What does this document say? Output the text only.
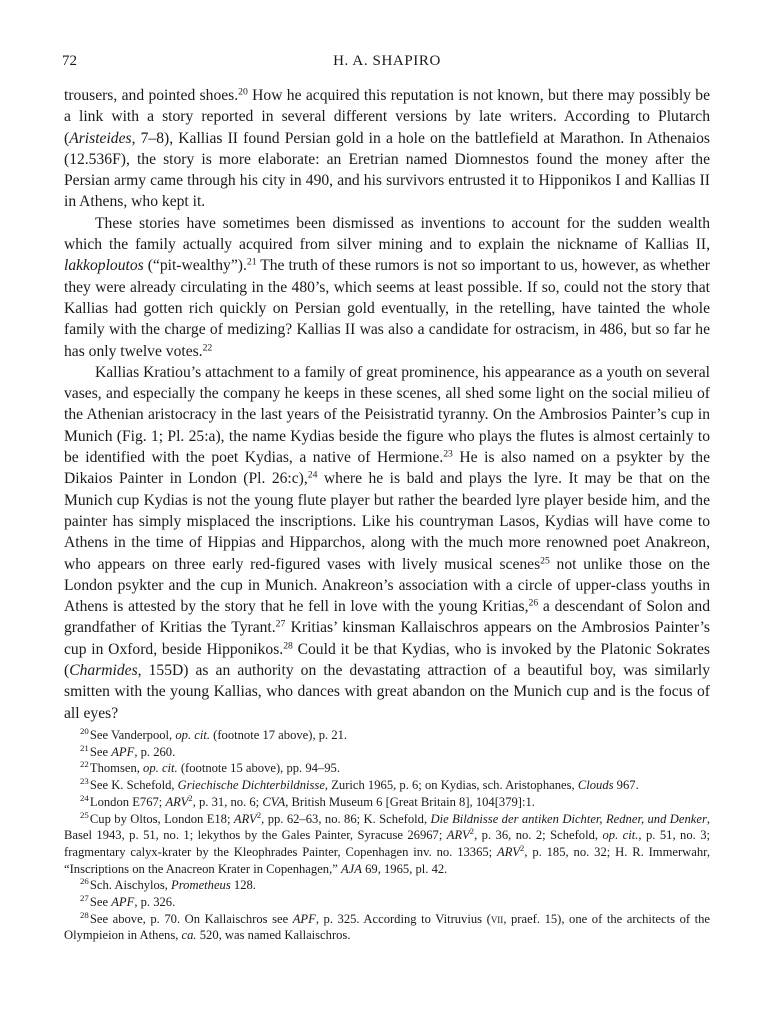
72	H. A. SHAPIRO

trousers, and pointed shoes.$^{20}$ How he acquired this reputation is not known, but there may possibly be a link with a story reported in several different versions by late writers. According to Plutarch (Aristeides, 7–8), Kallias II found Persian gold in a hole on the battlefield at Marathon. In Athenaios (12.536F), the story is more elaborate: an Eretrian named Diomnestos found the money after the Persian army came through his city in 490, and his survivors entrusted it to Hipponikos I and Kallias II in Athens, who kept it.

These stories have sometimes been dismissed as inventions to account for the sudden wealth which the family actually acquired from silver mining and to explain the nickname of Kallias II, lakkoploutos (“pit-wealthy”).$^{21}$ The truth of these rumors is not so important to us, however, as whether they were already circulating in the 480’s, which seems at least possible. If so, could not the story that Kallias had gotten rich quickly on Persian gold eventually, in the retelling, have tainted the whole family with the charge of medizing? Kallias II was also a candidate for ostracism, in 486, but so far he has only twelve votes.$^{22}$

Kallias Kratiou’s attachment to a family of great prominence, his appearance as a youth on several vases, and especially the company he keeps in these scenes, all shed some light on the social milieu of the Athenian aristocracy in the last years of the Peisistratid tyranny. On the Ambrosios Painter’s cup in Munich (Fig. 1; Pl. 25:a), the name Kydias beside the figure who plays the flutes is almost certainly to be identified with the poet Kydias, a native of Hermione.$^{23}$ He is also named on a psykter by the Dikaios Painter in London (Pl. 26:c),$^{24}$ where he is bald and plays the lyre. It may be that on the Munich cup Kydias is not the young flute player but rather the bearded lyre player beside him, and the painter has simply misplaced the inscriptions. Like his countryman Lasos, Kydias will have come to Athens in the time of Hippias and Hipparchos, along with the much more renowned poet Anakreon, who appears on three early red-figured vases with lively musical scenes$^{25}$ not unlike those on the London psykter and the cup in Munich. Anakreon’s association with a circle of upper-class youths in Athens is attested by the story that he fell in love with the young Kritias,$^{26}$ a descendant of Solon and grandfather of Kritias the Tyrant.$^{27}$ Kritias’ kinsman Kallaischros appears on the Ambrosios Painter’s cup in Oxford, beside Hipponikos.$^{28}$ Could it be that Kydias, who is invoked by the Platonic Sokrates (Charmides, 155D) as an authority on the devastating attraction of a beautiful boy, was similarly smitten with the young Kallias, who dances with great abandon on the Munich cup and is the focus of all eyes?

$^{20}$ See Vanderpool, op. cit. (footnote 17 above), p. 21.

$^{21}$ See APF, p. 260.

$^{22}$ Thomsen, op. cit. (footnote 15 above), pp. 94–95.

$^{23}$ See K. Schefold, Griechische Dichterbildnisse, Zurich 1965, p. 6; on Kydias, sch. Aristophanes, Clouds 967.

$^{24}$ London E767; ARV$^2$, p. 31, no. 6; CVA, British Museum 6 [Great Britain 8], 104[379]:1.

$^{25}$ Cup by Oltos, London E18; ARV$^2$, pp. 62–63, no. 86; K. Schefold, Die Bildnisse der antiken Dichter, Redner, und Denker, Basel 1943, p. 51, no. 1; lekythos by the Gales Painter, Syracuse 26967; ARV$^2$, p. 36, no. 2; Schefold, op. cit., p. 51, no. 3; fragmentary calyx-krater by the Kleophrades Painter, Copenhagen inv. no. 13365; ARV$^2$, p. 185, no. 32; H. R. Immerwahr, “Inscriptions on the Anacreon Krater in Copenhagen,” AJA 69, 1965, pl. 42.

$^{26}$ Sch. Aischylos, Prometheus 128.

$^{27}$ See APF, p. 326.

$^{28}$ See above, p. 70. On Kallaischros see APF, p. 325. According to Vitruvius (vii, praef. 15), one of the architects of the Olympieion in Athens, ca. 520, was named Kallaischros.
